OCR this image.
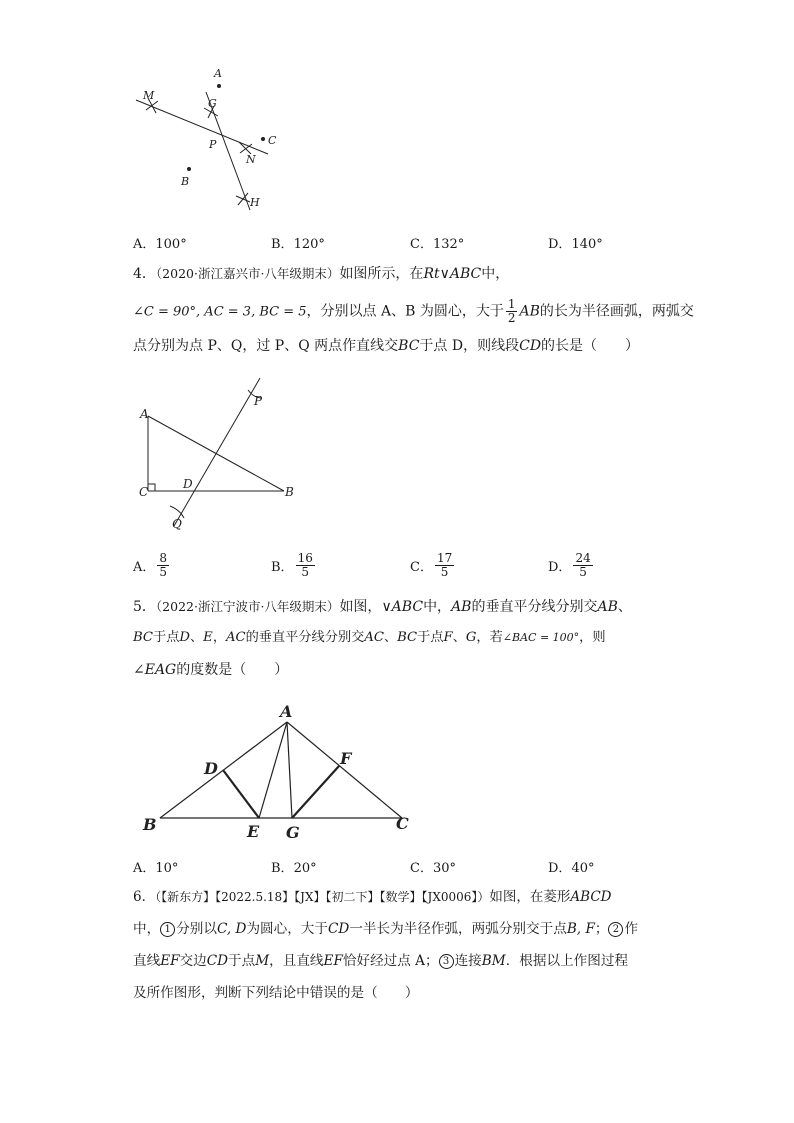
A
M
G
P	C
N
B
H
A．100°	B．120°	C．132°	D．140°
4．（2020·浙江嘉兴市·八年级期末）如图所示，在Rt∨ABC中，
∠C = 90°, AC = 3, BC = 5，分别以点 A、B 为圆心，大于 $\frac{1}{2}$ AB的长为半径画弧，两弧交
点分别为点 P、Q，过 P、Q 两点作直线交BC于点 D，则线段CD的长是（　　）
A
C
D
B
P
Q
A． $\frac{8}{5}$	B． $\frac{16}{5}$	C． $\frac{17}{5}$	D． $\frac{24}{5}$
5．（2022·浙江宁波市·八年级期末）如图，∨ABC中，AB的垂直平分线分别交AB、
BC于点D、E，AC的垂直平分线分别交AC、BC于点F、G，若∠BAC = 100°，则
∠EAG的度数是（　　）
A
D
F
B	E G	C
A．10°	B．20°	C．30°	D．40°
6．（【新东方】【2022.5.18】【JX】【初二下】【数学】【JX0006】）如图，在菱形ABCD
中， 1 分别以C, D为圆心，大于CD一半长为半径作弧，两弧分别交于点B, F； 2 作
直线EF交边CD于点M，且直线EF恰好经过点 A； 3 连接BM．根据以上作图过程
及所作图形，判断下列结论中错误的是（　　）
